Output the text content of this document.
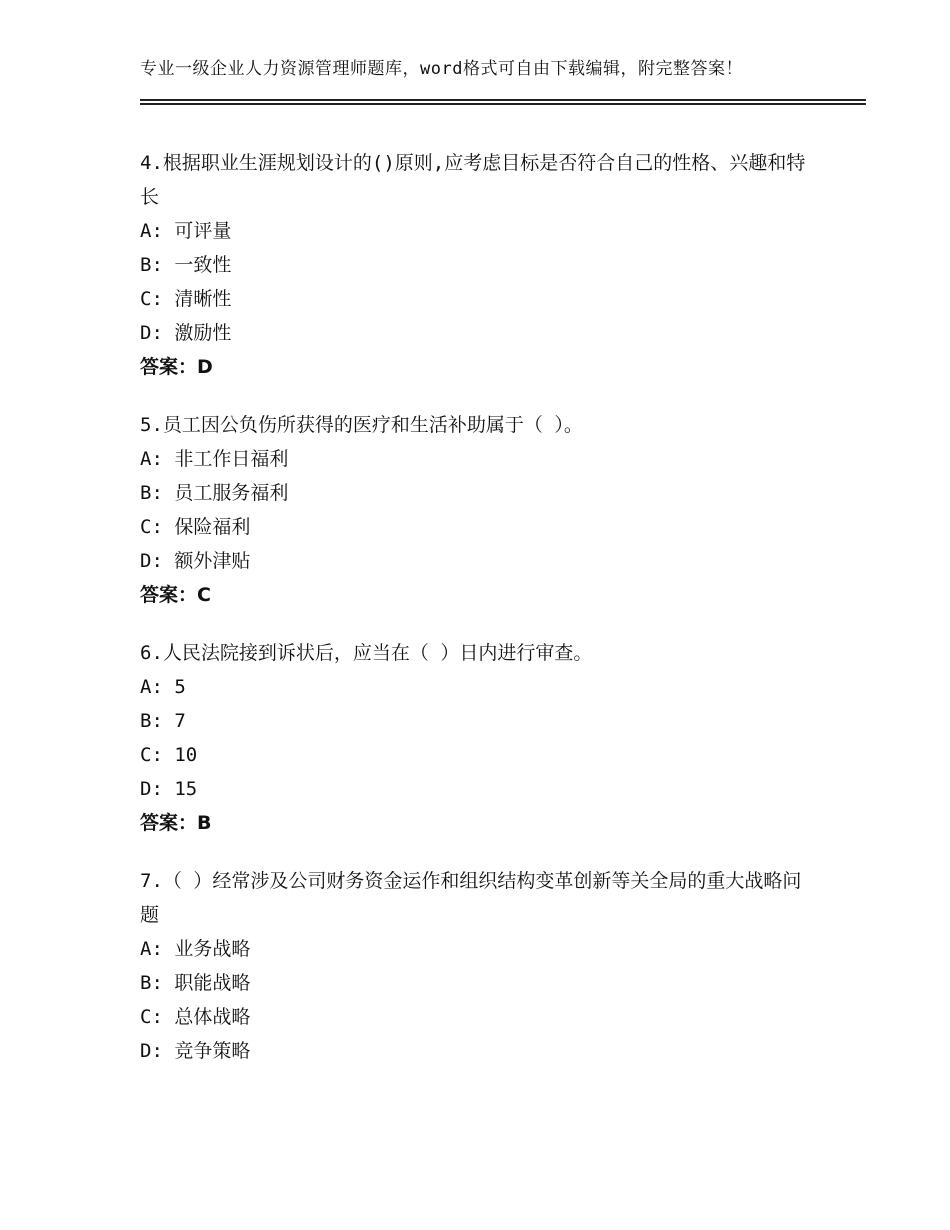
专业一级企业人力资源管理师题库，word格式可自由下载编辑，附完整答案！
4.根据职业生涯规划设计的()原则,应考虑目标是否符合自己的性格、兴趣和特长
A: 可评量
B: 一致性
C: 清晰性
D: 激励性
答案：D
5.员工因公负伤所获得的医疗和生活补助属于（ ）。
A: 非工作日福利
B: 员工服务福利
C: 保险福利
D: 额外津贴
答案：C
6.人民法院接到诉状后，应当在（ ）日内进行审查。
A: 5
B: 7
C: 10
D: 15
答案：B
7.（ ）经常涉及公司财务资金运作和组织结构变革创新等关全局的重大战略问题
A: 业务战略
B: 职能战略
C: 总体战略
D: 竞争策略
